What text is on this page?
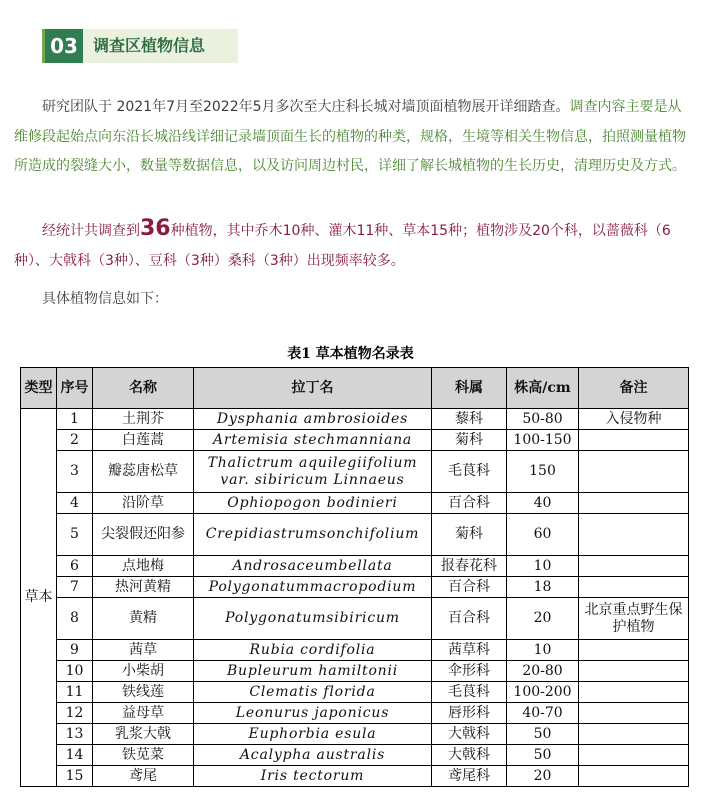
03 调查区植物信息

研究团队于 2021年7月至2022年5月多次至大庄科长城对墙顶面植物展开详细踏查。调查内容主要是从维修段起始点向东沿长城沿线详细记录墙顶面生长的植物的种类，规格，生境等相关生物信息，拍照测量植物所造成的裂缝大小，数量等数据信息，以及访问周边村民，详细了解长城植物的生长历史，清理历史及方式。

经统计共调查到36种植物，其中乔木10种、灌木11种、草本15种；植物涉及20个科，以蔷薇科（6种）、大戟科（3种）、豆科（3种）桑科（3种）出现频率较多。

具体植物信息如下：

表1 草本植物名录表
类型	序号	名称	拉丁名	科属	株高/cm	备注
草本	1	土荆芥	Dysphania ambrosioides	藜科	50-80	入侵物种
	2	白莲蒿	Artemisia stechmanniana	菊科	100-150	
	3	瓣蕊唐松草	Thalictrum aquilegiifolium var. sibiricum Linnaeus	毛茛科	150	
	4	沿阶草	Ophiopogon bodinieri	百合科	40	
	5	尖裂假还阳参	Crepidiastrumsonchifolium	菊科	60	
	6	点地梅	Androsaceumbellata	报春花科	10	
	7	热河黄精	Polygonatummacropodium	百合科	18	
	8	黄精	Polygonatumsibiricum	百合科	20	北京重点野生保护植物
	9	茜草	Rubia cordifolia	茜草科	10	
	10	小柴胡	Bupleurum hamiltonii	伞形科	20-80	
	11	铁线莲	Clematis florida	毛茛科	100-200	
	12	益母草	Leonurus japonicus	唇形科	40-70	
	13	乳浆大戟	Euphorbia esula	大戟科	50	
	14	铁苋菜	Acalypha australis	大戟科	50	
	15	鸢尾	Iris tectorum	鸢尾科	20	
